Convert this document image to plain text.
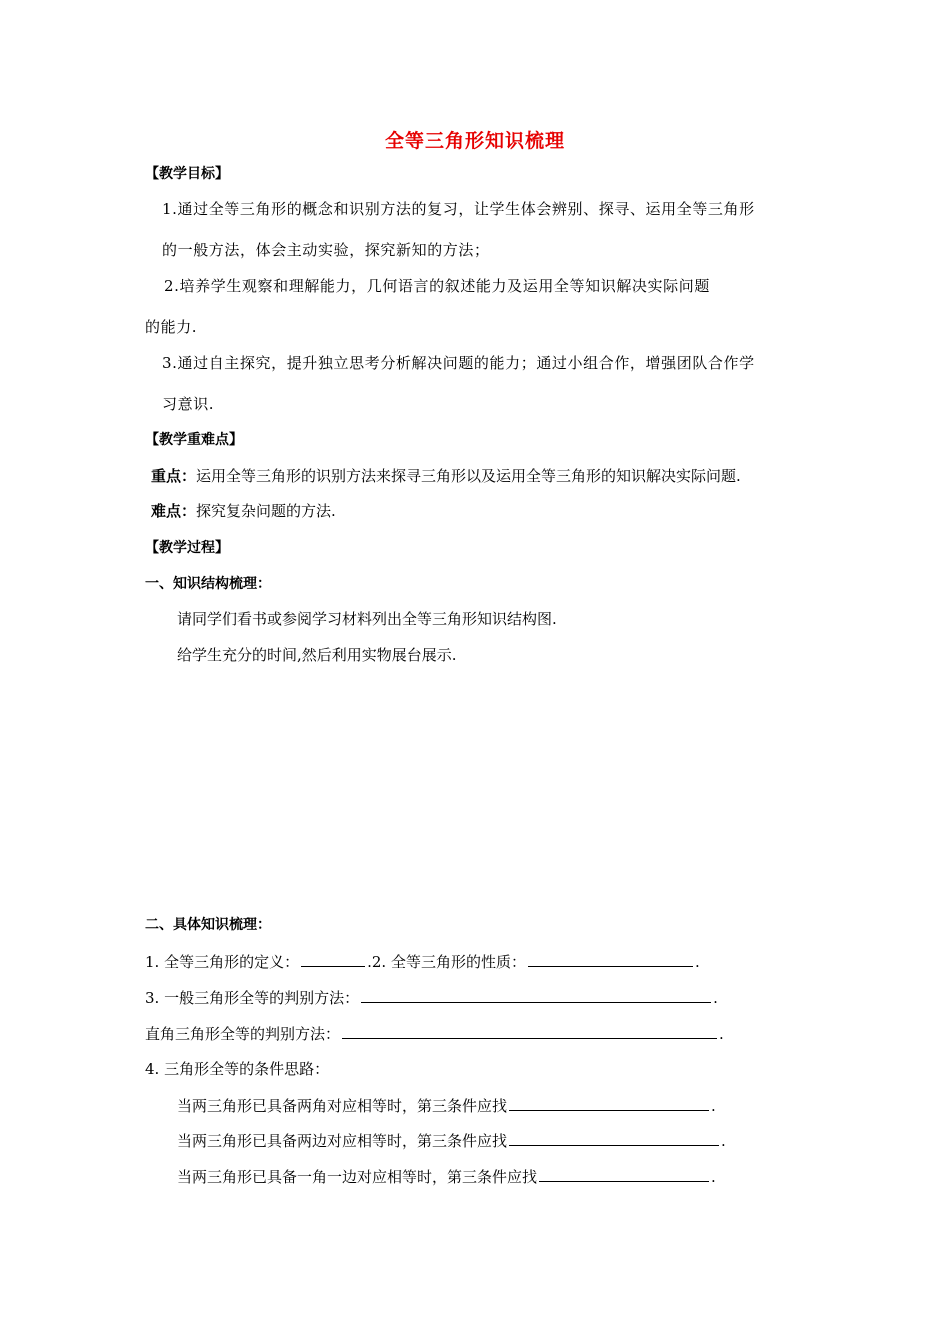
全等三角形知识梳理
【教学目标】
1.通过全等三角形的概念和识别方法的复习，让学生体会辨别、探寻、运用全等三角形
的一般方法，体会主动实验，探究新知的方法；
2.培养学生观察和理解能力，几何语言的叙述能力及运用全等知识解决实际问题
的能力.
3.通过自主探究，提升独立思考分析解决问题的能力；通过小组合作，增强团队合作学
习意识.
【教学重难点】
重点：运用全等三角形的识别方法来探寻三角形以及运用全等三角形的知识解决实际问题.
难点：探究复杂问题的方法.
【教学过程】
一、知识结构梳理：
请同学们看书或参阅学习材料列出全等三角形知识结构图.
给学生充分的时间,然后利用实物展台展示.
二、具体知识梳理：
1. 全等三角形的定义：	.2. 全等三角形的性质：	.
3. 一般三角形全等的判别方法：	.
直角三角形全等的判别方法：	.
4. 三角形全等的条件思路：
当两三角形已具备两角对应相等时，第三条件应找	.
当两三角形已具备两边对应相等时，第三条件应找	.
当两三角形已具备一角一边对应相等时，第三条件应找	.
